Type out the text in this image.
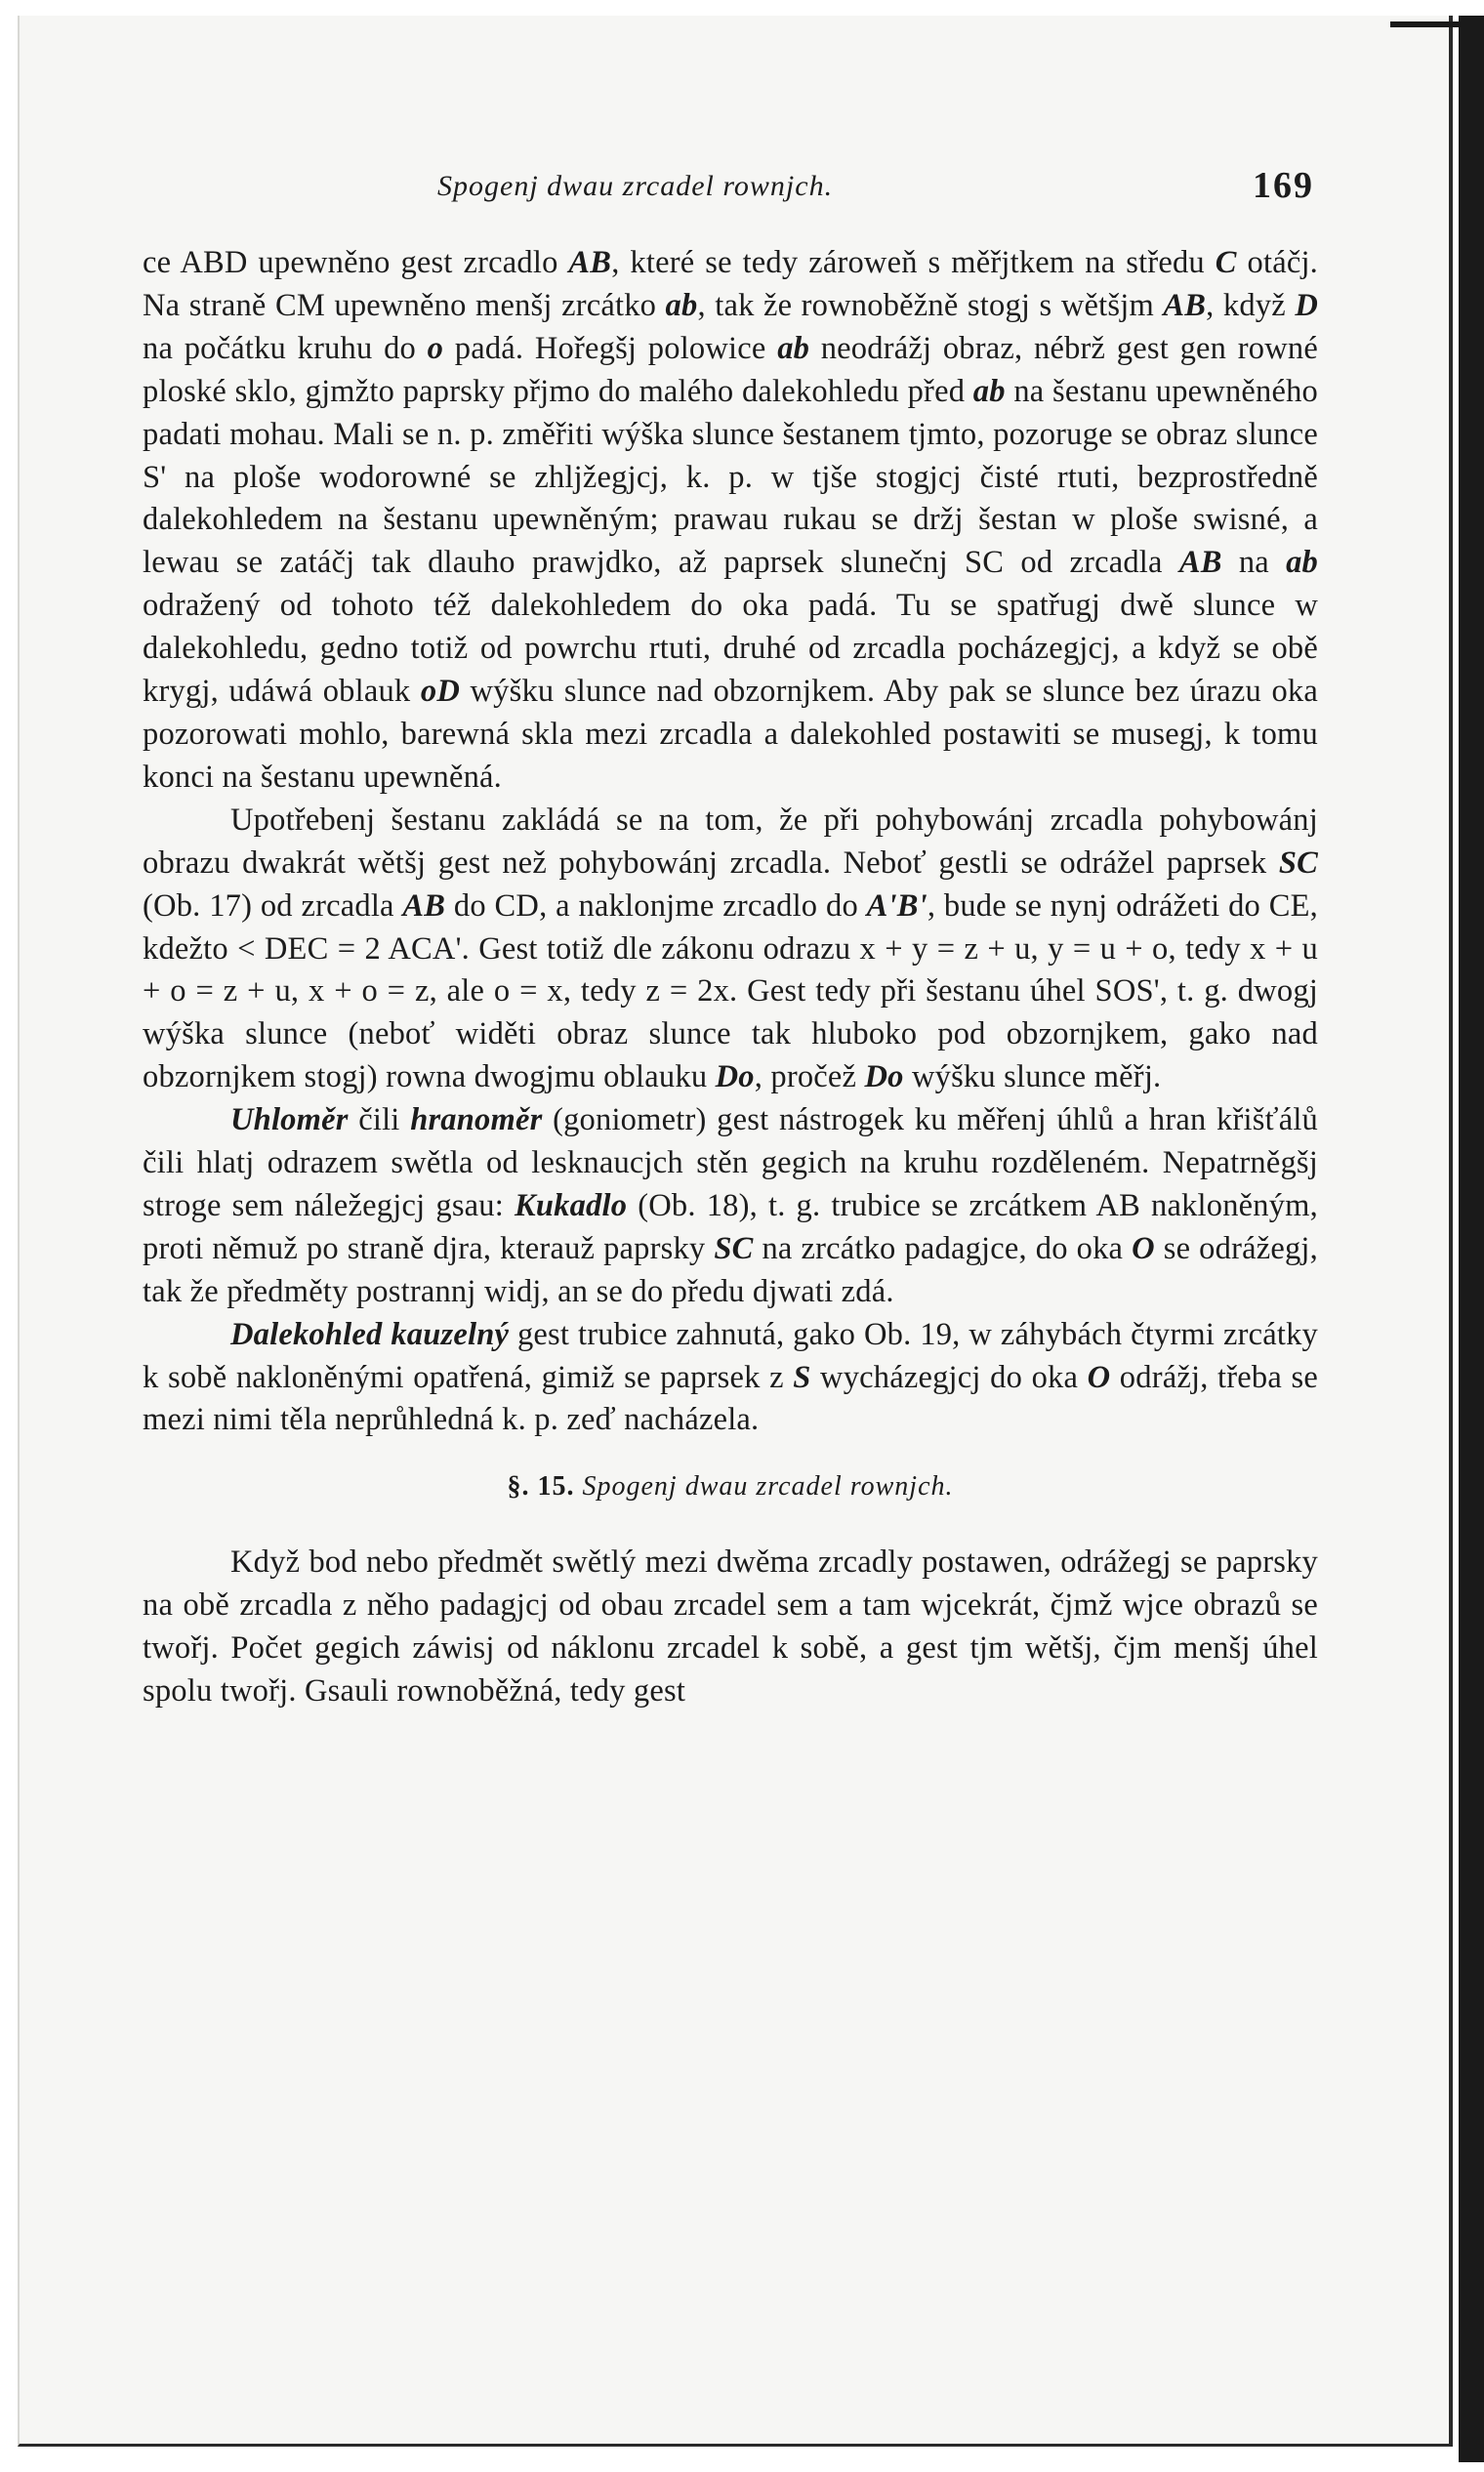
Spogenj dwau zrcadel rownjch.	169

ce ABD upewněno gest zrcadlo AB, které se tedy zároweň s měřjtkem na středu C otáčj. Na straně CM upewněno menšj zrcátko ab, tak že rownoběžně stogj s wětšjm AB, když D na počátku kruhu do o padá. Hořegšj polowice ab neodrážj obraz, nébrž gest gen rowné ploské sklo, gjmžto paprsky přjmo do malého dalekohledu před ab na šestanu upewněného padati mohau. Mali se n. p. změřiti wýška slunce šestanem tjmto, pozoruge se obraz slunce S' na ploše wodorowné se zhljžegjcj, k. p. w tjše stogjcj čisté rtuti, bezprostředně dalekohledem na šestanu upewněným; prawau rukau se držj šestan w ploše swisné, a lewau se zatáčj tak dlauho prawjdko, až paprsek slunečnj SC od zrcadla AB na ab odražený od tohoto též dalekohledem do oka padá. Tu se spatřugj dwě slunce w dalekohledu, gedno totiž od powrchu rtuti, druhé od zrcadla pocházegjcj, a když se obě krygj, udáwá oblauk oD wýšku slunce nad obzornjkem. Aby pak se slunce bez úrazu oka pozorowati mohlo, barewná skla mezi zrcadla a dalekohled postawiti se musegj, k tomu konci na šestanu upewněná.

Upotřebenj šestanu zakládá se na tom, že při pohybowánj zrcadla pohybowánj obrazu dwakrát wětšj gest než pohybowánj zrcadla. Neboť gestli se odrážel paprsek SC (Ob. 17) od zrcadla AB do CD, a naklonjme zrcadlo do A'B', bude se nynj odrážeti do CE, kdežto < DEC = 2 ACA'. Gest totiž dle zákonu odrazu x + y = z + u, y = u + o, tedy x + u + o = z + u, x + o = z, ale o = x, tedy z = 2x. Gest tedy při šestanu úhel SOS', t. g. dwogj wýška slunce (neboť widěti obraz slunce tak hluboko pod obzornjkem, gako nad obzornjkem stogj) rowna dwogjmu oblauku Do, pročež Do wýšku slunce měřj.

Uhloměr čili hranoměr (goniometr) gest nástrogek ku měřenj úhlů a hran křišťálů čili hlatj odrazem swětla od lesknaucjch stěn gegich na kruhu rozděleném. Nepatrněgšj stroge sem náležegjcj gsau: Kukadlo (Ob. 18), t. g. trubice se zrcátkem AB nakloněným, proti němuž po straně djra, kterauž paprsky SC na zrcátko padagjce, do oka O se odrážegj, tak že předměty postrannj widj, an se do předu djwati zdá.

Dalekohled kauzelný gest trubice zahnutá, gako Ob. 19, w záhybách čtyrmi zrcátky k sobě nakloněnými opatřená, gimiž se paprsek z S wycházegjcj do oka O odrážj, třeba se mezi nimi těla neprůhledná k. p. zeď nacházela.

§. 15. Spogenj dwau zrcadel rownjch.

Když bod nebo předmět swětlý mezi dwěma zrcadly postawen, odrážegj se paprsky na obě zrcadla z něho padagjcj od obau zrcadel sem a tam wjcekrát, čjmž wjce obrazů se twořj. Počet gegich záwisj od náklonu zrcadel k sobě, a gest tjm wětšj, čjm menšj úhel spolu twořj. Gsauli rownoběžná, tedy gest
